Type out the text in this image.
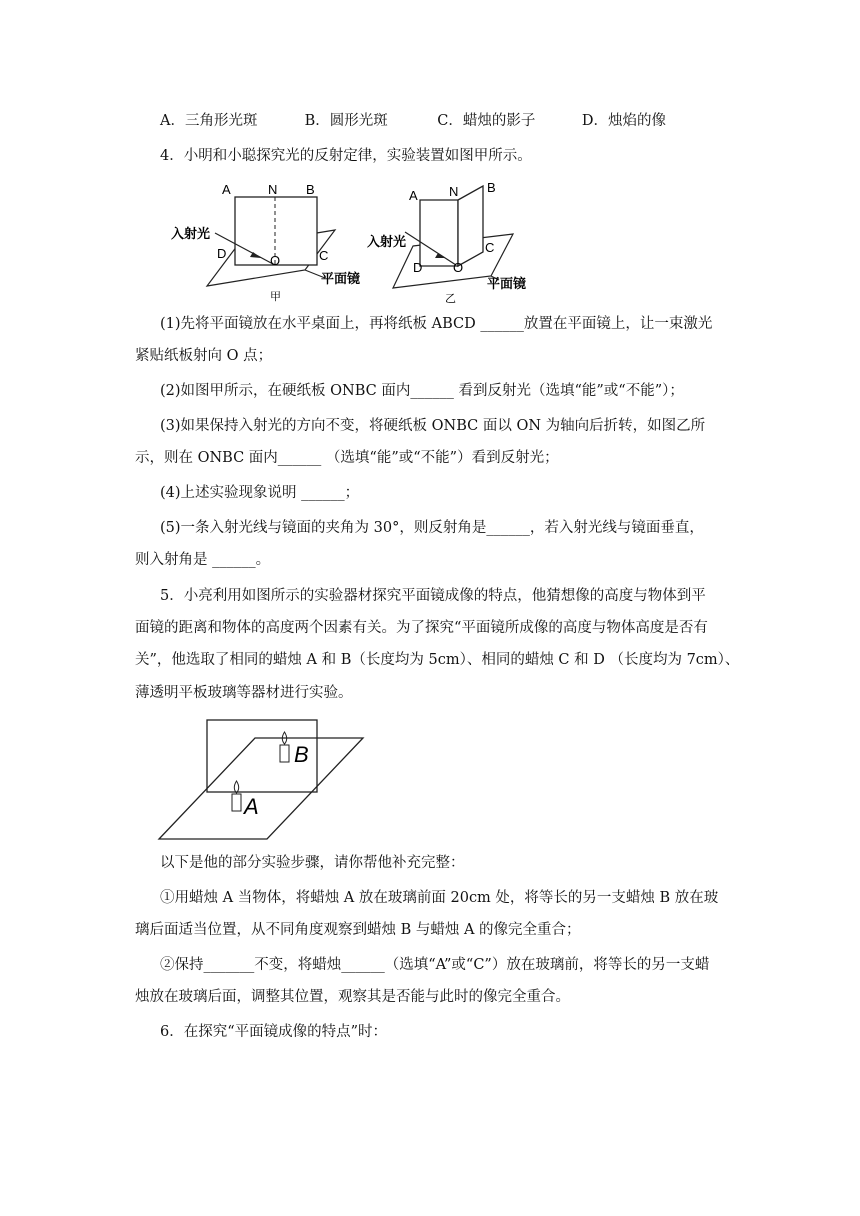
A．三角形光斑	B．圆形光斑	C．蜡烛的影子	D．烛焰的像
4．小明和小聪探究光的反射定律，实验装置如图甲所示。
A	N B
D	O	C
入射光
平面镜
甲
A N B
D O
C
入射光
平面镜
乙
(1)先将平面镜放在水平桌面上，再将纸板 ABCD ______放置在平面镜上，让一束激光
紧贴纸板射向 O 点；
(2)如图甲所示，在硬纸板 ONBC 面内______ 看到反射光（选填“能”或“不能”）；
(3)如果保持入射光的方向不变，将硬纸板 ONBC 面以 ON 为轴向后折转，如图乙所
示，则在 ONBC 面内______ （选填“能”或“不能”）看到反射光；
(4)上述实验现象说明 ______；
(5)一条入射光线与镜面的夹角为 30°，则反射角是______，若入射光线与镜面垂直，
则入射角是 ______。
5．小亮利用如图所示的实验器材探究平面镜成像的特点，他猜想像的高度与物体到平
面镜的距离和物体的高度两个因素有关。为了探究“平面镜所成像的高度与物体高度是否有
关”，他选取了相同的蜡烛 A 和 B（长度均为 5cm）、相同的蜡烛 C 和 D （长度均为 7cm）、
薄透明平板玻璃等器材进行实验。
B
A
以下是他的部分实验步骤，请你帮他补充完整：
①用蜡烛 A 当物体，将蜡烛 A 放在玻璃前面 20cm 处，将等长的另一支蜡烛 B 放在玻
璃后面适当位置，从不同角度观察到蜡烛 B 与蜡烛 A 的像完全重合；
②保持_______不变，将蜡烛______（选填“A”或“C”）放在玻璃前，将等长的另一支蜡
烛放在玻璃后面，调整其位置，观察其是否能与此时的像完全重合。
6．在探究“平面镜成像的特点”时：
